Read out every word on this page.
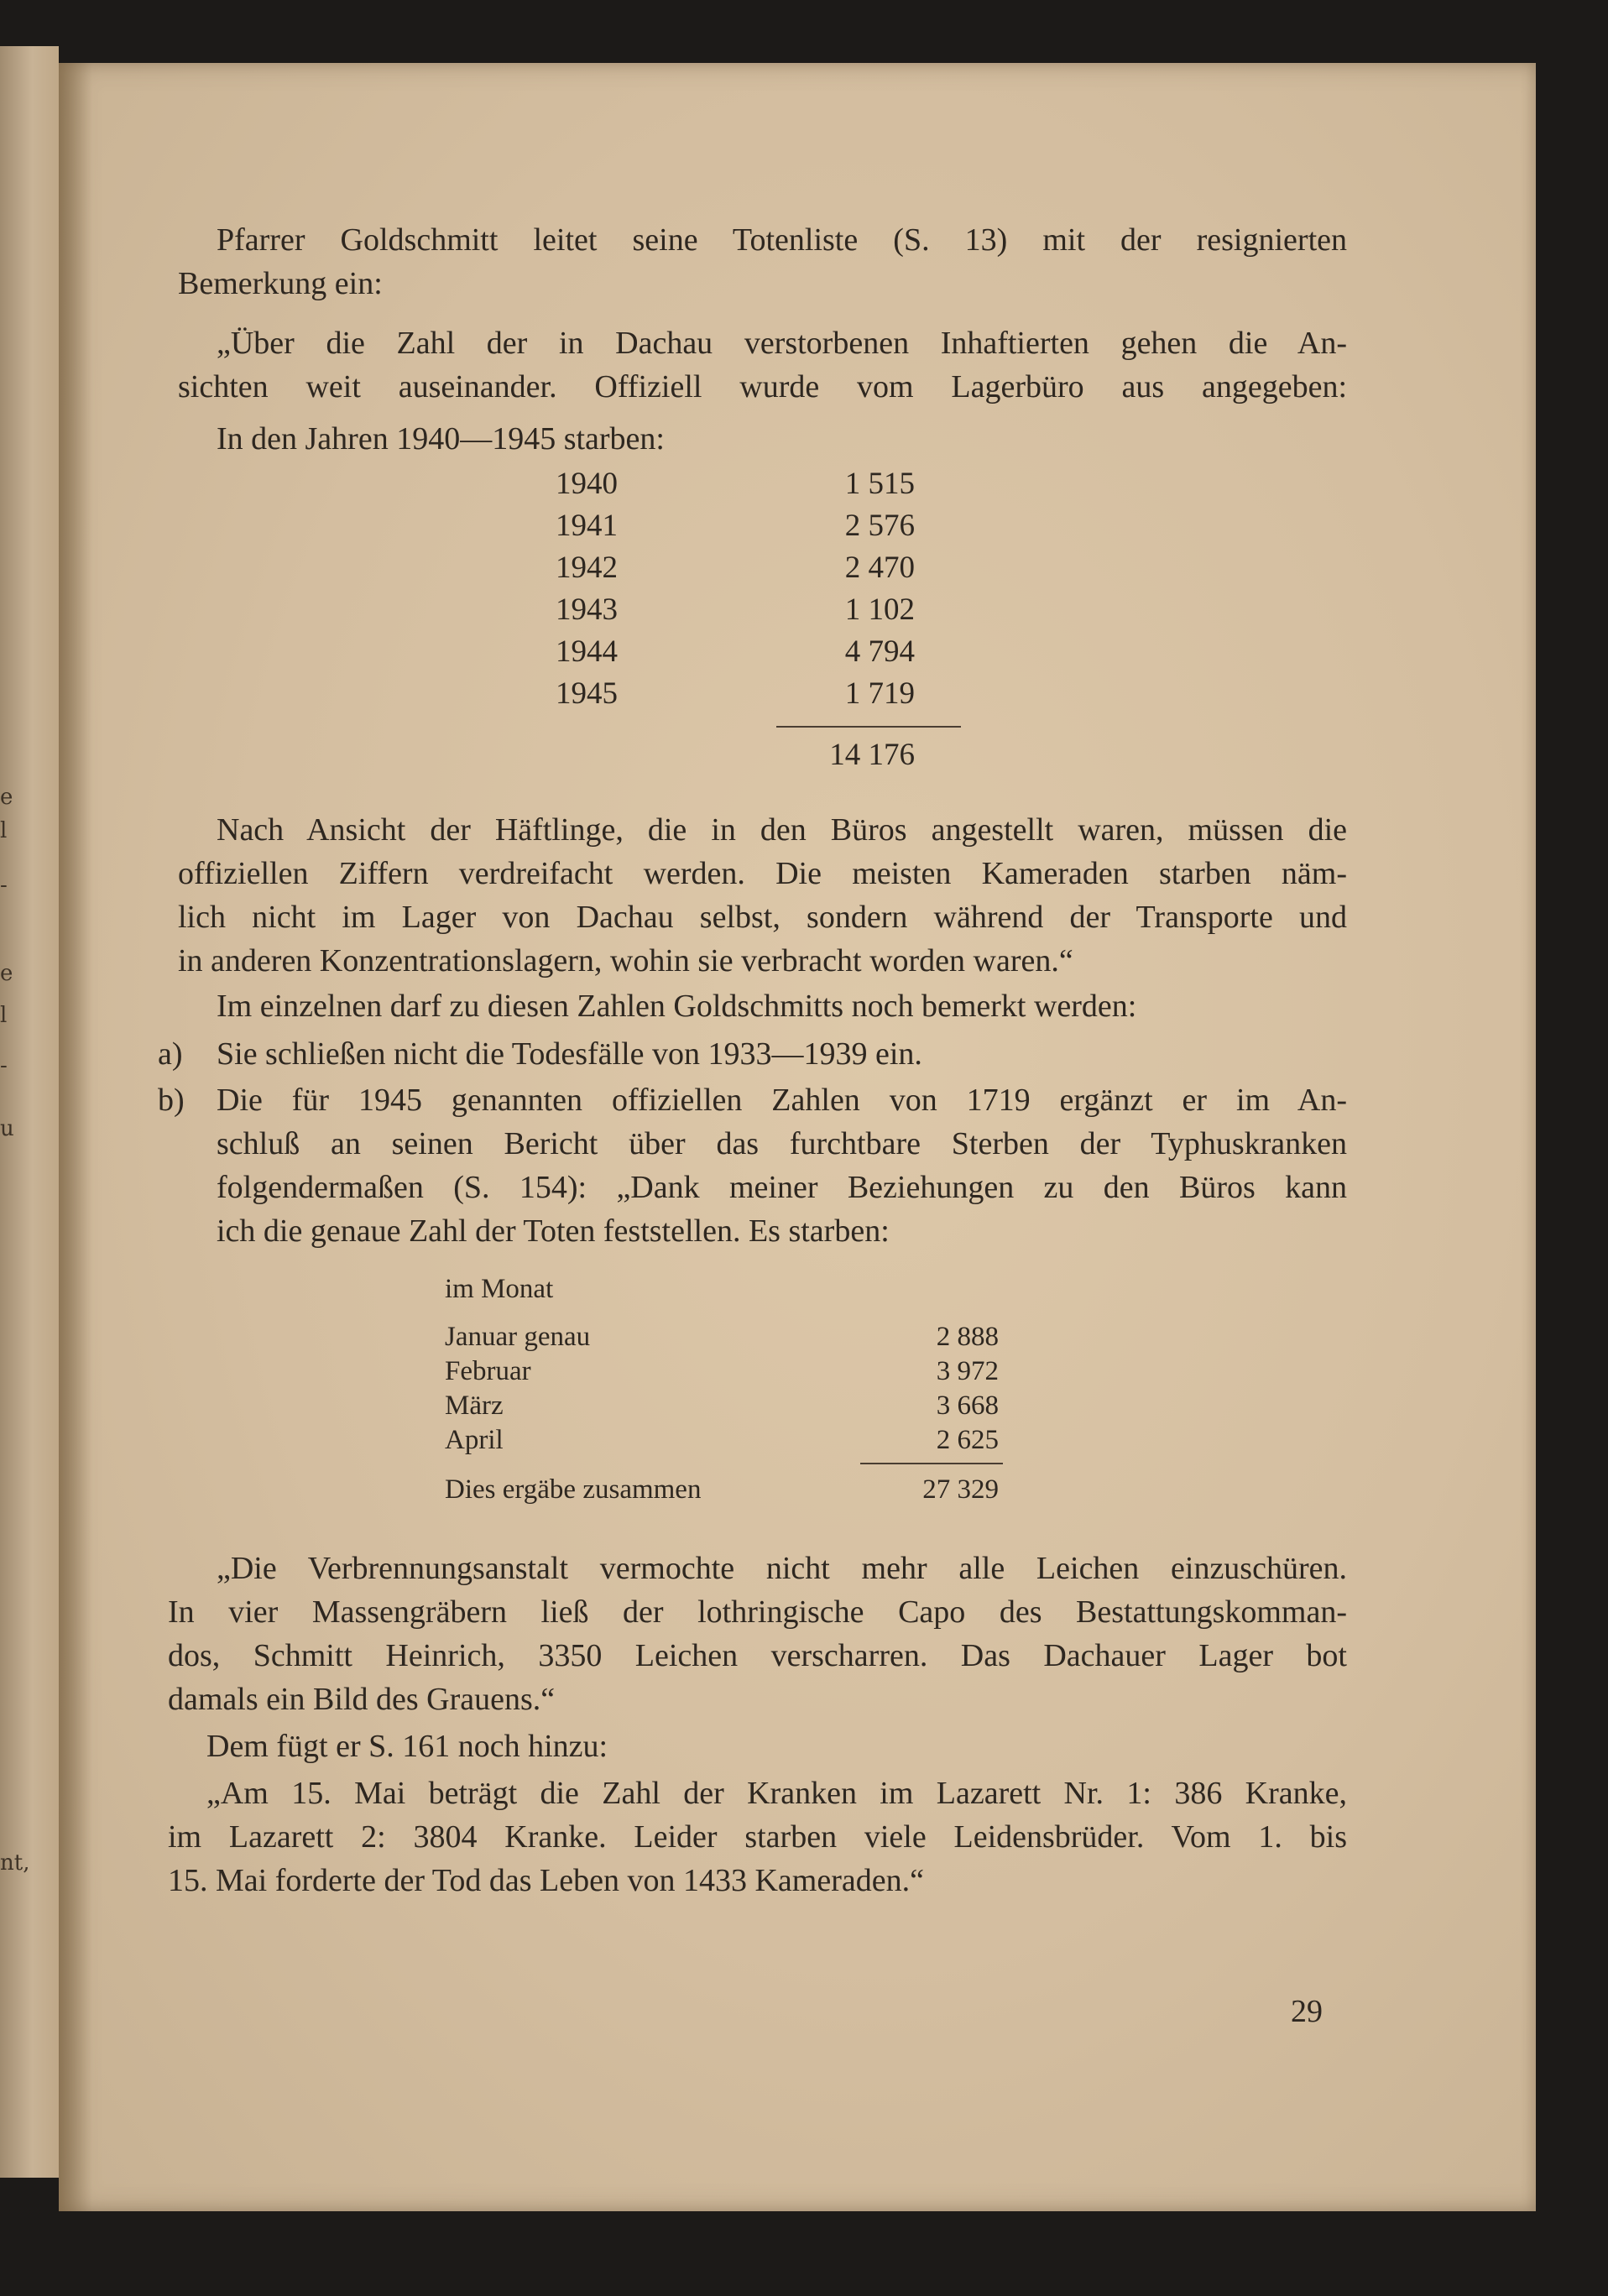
e
l
-
e
l
-
u
nt,
Pfarrer Goldschmitt leitet seine Totenliste (S. 13) mit der resignierten
Bemerkung ein:
„Über die Zahl der in Dachau verstorbenen Inhaftierten gehen die An-
sichten weit auseinander. Offiziell wurde vom Lagerbüro aus angegeben:
In den Jahren 1940—1945 starben:
1940	1 515
1941	2 576
1942	2 470
1943	1 102
1944	4 794
1945	1 719
14 176
Nach Ansicht der Häftlinge, die in den Büros angestellt waren, müssen die
offiziellen Ziffern verdreifacht werden. Die meisten Kameraden starben näm-
lich nicht im Lager von Dachau selbst, sondern während der Transporte und
in anderen Konzentrationslagern, wohin sie verbracht worden waren.“
Im einzelnen darf zu diesen Zahlen Goldschmitts noch bemerkt werden:
a) Sie schließen nicht die Todesfälle von 1933—1939 ein.
b) Die für 1945 genannten offiziellen Zahlen von 1719 ergänzt er im An-
schluß an seinen Bericht über das furchtbare Sterben der Typhuskranken
folgendermaßen (S. 154): „Dank meiner Beziehungen zu den Büros kann
ich die genaue Zahl der Toten feststellen. Es starben:
im Monat
Januar genau	2 888
Februar	3 972
März	3 668
April	2 625
Dies ergäbe zusammen	27 329
„Die Verbrennungsanstalt vermochte nicht mehr alle Leichen einzuschüren.
In vier Massengräbern ließ der lothringische Capo des Bestattungskomman-
dos, Schmitt Heinrich, 3350 Leichen verscharren. Das Dachauer Lager bot
damals ein Bild des Grauens.“
Dem fügt er S. 161 noch hinzu:
„Am 15. Mai beträgt die Zahl der Kranken im Lazarett Nr. 1: 386 Kranke,
im Lazarett 2: 3804 Kranke. Leider starben viele Leidensbrüder. Vom 1. bis
15. Mai forderte der Tod das Leben von 1433 Kameraden.“
29
